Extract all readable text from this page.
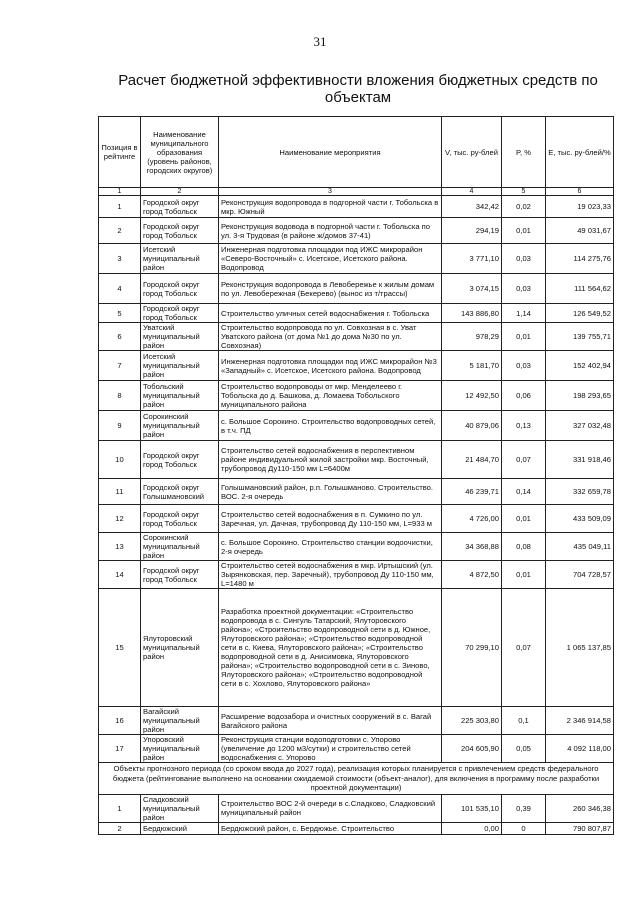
31
Расчет бюджетной эффективности вложения бюджетных средств по объектам
Позиция в рейтинге	Наименование муниципального образования (уровень районов, городских округов)	Наименование мероприятия	V, тыс. ру-блей	P, %	E, тыс. ру-блей/%
1	2	3	4	5	6
1	Городской округ город Тобольск	Реконструкция водопровода в подгорной части г. Тобольска в мкр. Южный	342,42	0,02	19 023,33
2	Городской округ город Тобольск	Реконструкция водовода в подгорной части г. Тобольска по ул. 3-я Трудовая (в районе ж/домов 37-41)	294,19	0,01	49 031,67
3	Исетский муниципальный район	Инженерная подготовка площадки под ИЖС микрорайон «Северо-Восточный» с. Исетское, Исетского района. Водопровод	3 771,10	0,03	114 275,76
4	Городской округ город Тобольск	Реконструкция водопровода в Левобережье к жилым домам по ул. Левобережная (Бекерево) (вынос из т/трассы)	3 074,15	0,03	111 564,62
5	Городской округ город Тобольск	Строительство уличных сетей водоснабжения г. Тобольска	143 886,80	1,14	126 549,52
6	Уватский муниципальный район	Строительство водопровода по ул. Совхозная в с. Уват Уватского района (от дома №1 до дома №30 по ул. Совхозная)	978,29	0,01	139 755,71
7	Исетский муниципальный район	Инженерная подготовка площадки под ИЖС микрорайон №3 «Западный» с. Исетское, Исетского района. Водопровод	5 181,70	0,03	152 402,94
8	Тобольский муниципальный район	Строительство водопроводы от мкр. Менделеево г. Тобольска до д. Башкова, д. Ломаева Тобольского муниципального района	12 492,50	0,06	198 293,65
9	Сорокинский муниципальный район	с. Большое Сорокино. Строительство водопроводных сетей, в т.ч. ПД	40 879,06	0,13	327 032,48
10	Городской округ город Тобольск	Строительство сетей водоснабжения в перспективном районе индивидуальной жилой застройки мкр. Восточный, трубопровод Ду110-150 мм L=6400м	21 484,70	0,07	331 918,46
11	Городской округ Голышмановский	Голышмановский район, р.п. Голышманово. Строительство. ВОС. 2-я очередь	46 239,71	0,14	332 659,78
12	Городской округ город Тобольск	Строительство сетей водоснабжения в п. Сумкино по ул. Заречная, ул. Дачная, трубопровод Ду 110-150 мм, L=933 м	4 726,00	0,01	433 509,09
13	Сорокинский муниципальный район	с. Большое Сорокино. Строительство станции водоочистки, 2-я очередь	34 368,88	0,08	435 049,11
14	Городской округ город Тобольск	Строительство сетей водоснабжения в мкр. Иртышский (ул. Зырянковская, пер. Заречный), трубопровод Ду 110-150 мм, L=1480 м	4 872,50	0,01	704 728,57
15	Ялуторовский муниципальный район	Разработка проектной документации: «Строительство водопровода в с. Сингуль Татарский, Ялуторовского района»; «Строительство водопроводной сети в д. Южное, Ялуторовского района»; «Строительство водопроводной сети в с. Киева, Ялуторовского района»; «Строительство водопроводной сети в д. Анисимовка, Ялуторовского района»; «Строительство водопроводной сети в с. Зиново, Ялуторовского района»; «Строительство водопроводной сети в с. Хохлово, Ялуторовского района»	70 299,10	0,07	1 065 137,85
16	Вагайский муниципальный район	Расширение водозабора и очистных сооружений в с. Вагай Вагайского района	225 303,80	0,1	2 346 914,58
17	Упоровский муниципальный район	Реконструкция станции водоподготовки с. Упорово (увеличение до 1200 м3/сутки) и строительство сетей водоснабжения с. Упорово	204 605,90	0,05	4 092 118,00
Объекты прогнозного периода (со сроком ввода до 2027 года), реализация которых планируется с привлечением средств федерального бюджета (рейтингование выполнено на основании ожидаемой стоимости (объект-аналог), для включения в программу после разработки проектной документации)					
1	Сладковский муниципальный район	Строительство ВОС 2-й очереди в с.Сладково, Сладковский муниципальный район	101 535,10	0,39	260 346,38
2	Бердюжский	Бердюжский район, с. Бердюжье. Строительство	0,00	0	790 807,87
